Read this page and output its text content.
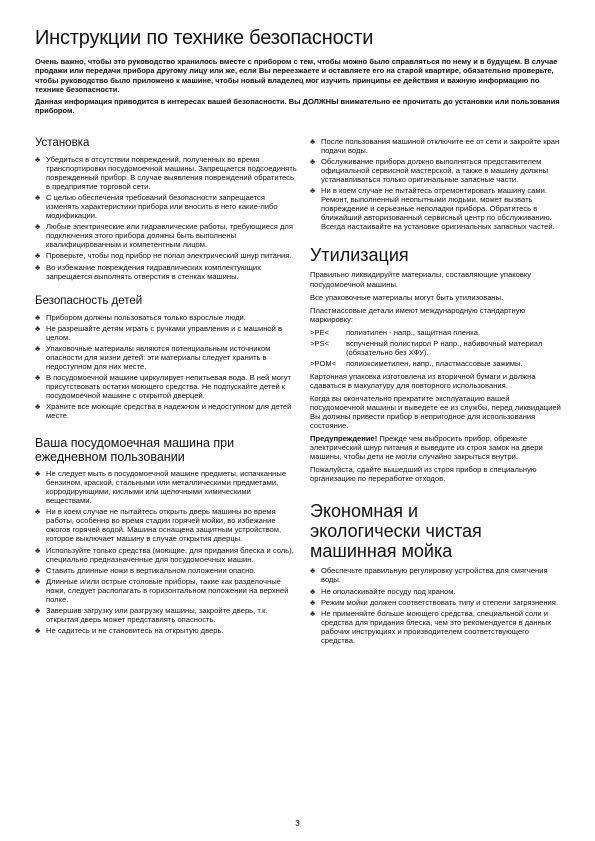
Инструкции по технике безопасности

Очень важно, чтобы это руководство хранилось вместе с прибором с тем, чтобы можно было справляться по нему и в будущем. В случае продажи или передачи прибора другому лицу или же, если Вы переезжаете и оставляете его на старой квартире, обязательно проверьте, чтобы руководство было приложено к машине, чтобы новый владелец мог изучить принципы ее действия и важную информацию по технике безопасности.

Данная информация приводится в интересах вашей безопасности. Вы ДОЛЖНЫ внимательно ее прочитать до установки или пользования прибором.

Установка
♣ Убедиться в отсутствии повреждений, полученных во время транспортировки посудомоечной машины. Запрещается подсоединять поврежденный прибор. В случае выявления повреждений обратитесь в предприятие торговой сети.
♣ С целью обеспечения требований безопасности запрещается изменять характеристики прибора или вносить в него какие-либо модификации.
♣ Любые электрические или гидравлические работы, требующиеся для подключения этого прибора должны быть выполнены квалифицированным и компетентным лицом.
♣ Проверьте, чтобы под прибор не попал электрический шнур питания.
♣ Во избежание повреждения гидравлических комплектующих запрещается выполнять отверстия в стенках машины.
Безопасность детей
♣ Прибором должны пользоваться только взрослые люди.
♣ Не разрешайте детям играть с ручками управления и с машиной в целом.
♣ Упаковочные материалы являются потенциальным источником опасности для жизни детей: эти материалы следует хранить в недоступном для них месте.
♣ В посудомоечной машине циркулирует непитьевая вода. В ней могут присутствовать остатки моющего средства. Не подпускайте детей к посудомоечной машине с открытой дверцей.
♣ Храните все моющие средства в надежном и недоступном для детей месте.
Ваша посудомоечная машина при ежедневном пользовании
♣ Не следует мыть в посудомоечной машине предметы, испачканные бензином, краской, стальными или металлическими предметами, корродирующими, кислыми или щелочными химическими веществами.
♣ Ни в коем случае не пытайтесь открыть дверь машины во время работы, особенно во время стадии горячей мойки, во избежание ожогов горячей водой. Машина оснащена защитным устройством, которое выключает машину в случае открытия дверцы.
♣ Используйте только средства (моющие, для придания блеска и соль), специально предназначенные для посудомоечных машин.
♣ Ставить длинные ножи в вертикальном положении опасно.
♣ Длинные и/или острые столовые приборы, такие как разделочные ножи, следует располагать в горизонтальном положении на верхней полке.
♣ Завершив загрузку или разгрузку машины, закройте дверь, т.к. открытая дверь может представлять опасность.
♣ Не садитесь и не становитесь на открытую дверь.
♣ После пользования машиной отключите ее от сети и закройте кран подачи воды.
♣ Обслуживание прибора должно выполняться представителем официальной сервисной мастерской, а также в машину должны устанавливаться только оригинальные запасные части.
♣ Ни в коем случае не пытайтесь отремонтировать машину сами. Ремонт, выполненный неопытными людьми, может вызвать повреждение и серьезные неполадки прибора. Обратитесь в ближайший авторизованный сервисный центр по обслуживанию. Всегда настаивайте на установке оригинальных запасных частей.
Утилизация

Правильно ликвидируйте материалы, составляющие упаковку посудомоечной машины.

Все упаковочные материалы могут быть утилизованы.

Пластмассовые детали имеют международную стандартную маркировку:

>PE<	полиэтилен - напр., защитная пленка.
>PS<	вспученный полистирол Р напр., набивочный материал (обязательно без ХФУ).
>POM<	полиоксиметилен, напр., пластмассовые зажимы.

Картонная упаковка изготовлена из вторичной бумаги и должна сдаваться в макулатуру для повторного использования.

Когда вы окончательно прекратите эксплуатацию вашей посудомоечной машины и выведете ее из службы, перед ликвидацией Вы должны привести прибор в непригодное для использования состояние.

Предупреждение! Прежде чем выбросить прибор, обрежьте электрический шнур питания и выведите из строя замок на двери машины, чтобы дети не могли случайно закрыться внутри.

Пожалуйста, сдайте вышедший из строя прибор в специальную организацию по переработке отходов.

Экономная и экологически чистая машинная мойка
♣ Обеспечьте правильную регулировку устройства для смягчения воды.
♣ Не ополаскивайте посуду под краном.
♣ Режим мойки должен соответствовать типу и степени загрязнения.
♣ Не применяйте больше моющего средства, специальной соли и средства для придания блеска, чем это рекомендуется в данных рабочих инструкциях и производителем соответствующего средства.
3
